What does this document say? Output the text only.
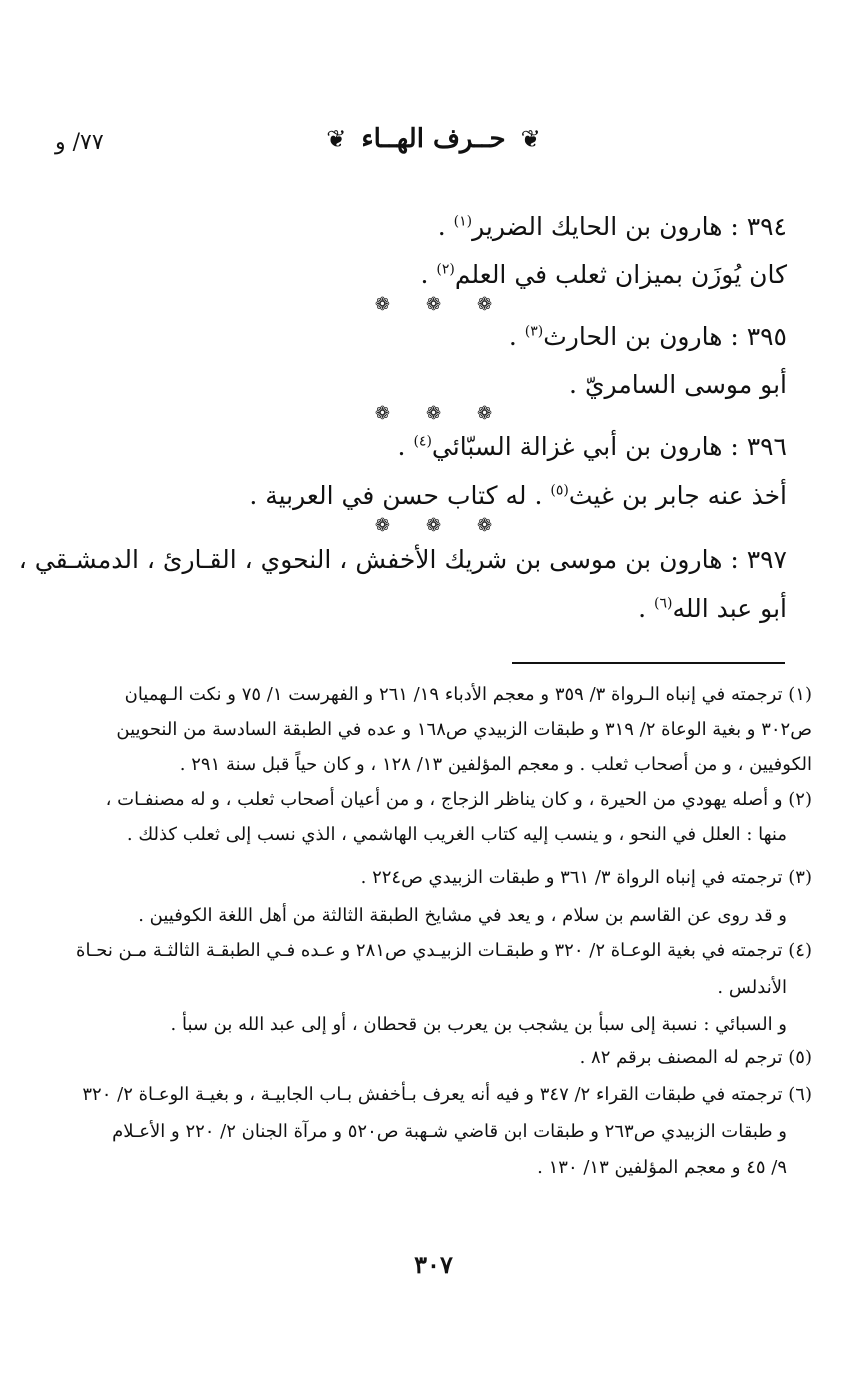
٧٧/ و	❦ حــرف الهــاء ❦
٣٩٤ : هارون بن الحايك الضرير$^{(١)}$ .
كان يُوزَن بميزان ثعلب في العلم$^{(٢)}$ .
❁❁❁
٣٩٥ : هارون بن الحارث$^{(٣)}$ .
أبو موسى السامريّ .
❁❁❁
٣٩٦ : هارون بن أبي غزالة السبّائي$^{(٤)}$ .
أخذ عنه جابر بن غيث$^{(٥)}$ . له كتاب حسن في العربية .
❁❁❁
٣٩٧ : هارون بن موسى بن شريك الأخفش ، النحوي ، القـارئ ، الدمشـقي ،
أبو عبد الله$^{(٦)}$ .
(١) ترجمته في إنباه الـرواة ٣/ ٣٥٩ و معجم الأدباء ١٩/ ٢٦١ و الفهرست ١/ ٧٥ و نكت الـهميان
ص٣٠٢ و بغية الوعاة ٢/ ٣١٩ و طبقات الزبيدي ص١٦٨ و عده في الطبقة السادسة من النحويين
الكوفيين ، و من أصحاب ثعلب . و معجم المؤلفين ١٣/ ١٢٨ ، و كان حياً قبل سنة ٢٩١ .
(٢) و أصله يهودي من الحيرة ، و كان يناظر الزجاج ، و من أعيان أصحاب ثعلب ، و له مصنفـات ،
منها : العلل في النحو ، و ينسب إليه كتاب الغريب الهاشمي ، الذي نسب إلى ثعلب كذلك .
(٣) ترجمته في إنباه الرواة ٣/ ٣٦١ و طبقات الزبيدي ص٢٢٤ .
و قد روى عن القاسم بن سلام ، و يعد في مشايخ الطبقة الثالثة من أهل اللغة الكوفيين .
(٤) ترجمته في بغية الوعـاة ٢/ ٣٢٠ و طبقـات الزبيـدي ص٢٨١ و عـده فـي الطبقـة الثالثـة مـن نحـاة
الأندلس .
و السبائي : نسبة إلى سبأ بن يشجب بن يعرب بن قحطان ، أو إلى عبد الله بن سبأ .
(٥) ترجم له المصنف برقم ٨٢ .
(٦) ترجمته في طبقات القراء ٢/ ٣٤٧ و فيه أنه يعرف بـأخفش بـاب الجابيـة ، و بغيـة الوعـاة ٢/ ٣٢٠
و طبقات الزبيدي ص٢٦٣ و طبقات ابن قاضي شـهبة ص٥٢٠ و مرآة الجنان ٢/ ٢٢٠ و الأعـلام
٩/ ٤٥ و معجم المؤلفين ١٣/ ١٣٠ .
٣٠٧
